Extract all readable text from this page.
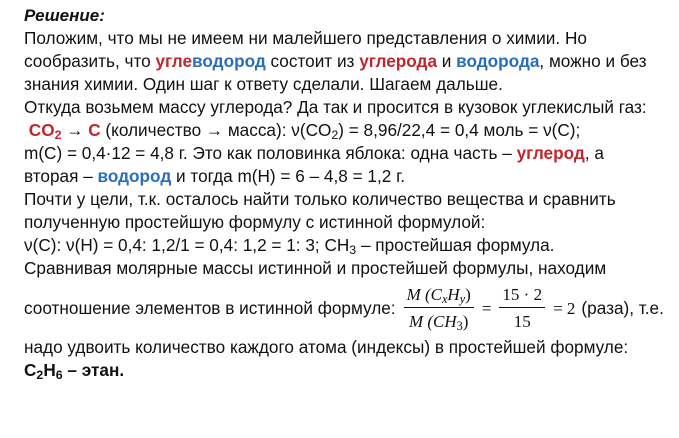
Решение:
Положим, что мы не имеем ни малейшего представления о химии. Но
сообразить, что углеводород состоит из углерода и водорода, можно и без
знания химии. Один шаг к ответу сделали. Шагаем дальше.
Откуда возьмем массу углерода? Да так и просится в кузовок углекислый газ:
$CO_2 \to C$ (количество → масса): $\nu(CO_2) = 8,96/22,4 = 0,4$ моль = ν(C);
m(C) = 0,4·12 = 4,8 г. Это как половинка яблока: одна часть – углерод, а
вторая – водород и тогда m(H) = 6 – 4,8 = 1,2 г.
Почти у цели, т.к. осталось найти только количество вещества и сравнить
полученную простейшую формулу с истинной формулой:
ν(C): ν(H) = 0,4: 1,2/1 = 0,4: 1,2 = 1: 3; $CH_3$ – простейшая формула.
Сравнивая молярные массы истинной и простейшей формулы, находим
соотношение элементов в истинной формуле: $\frac{M (C_xH_y)}{M (CH_3)} = \frac{15 \cdot 2}{15} = 2$ (раза), т.е.
надо удвоить количество каждого атома (индексы) в простейшей формуле:
$C_2H_6$ – этан.
